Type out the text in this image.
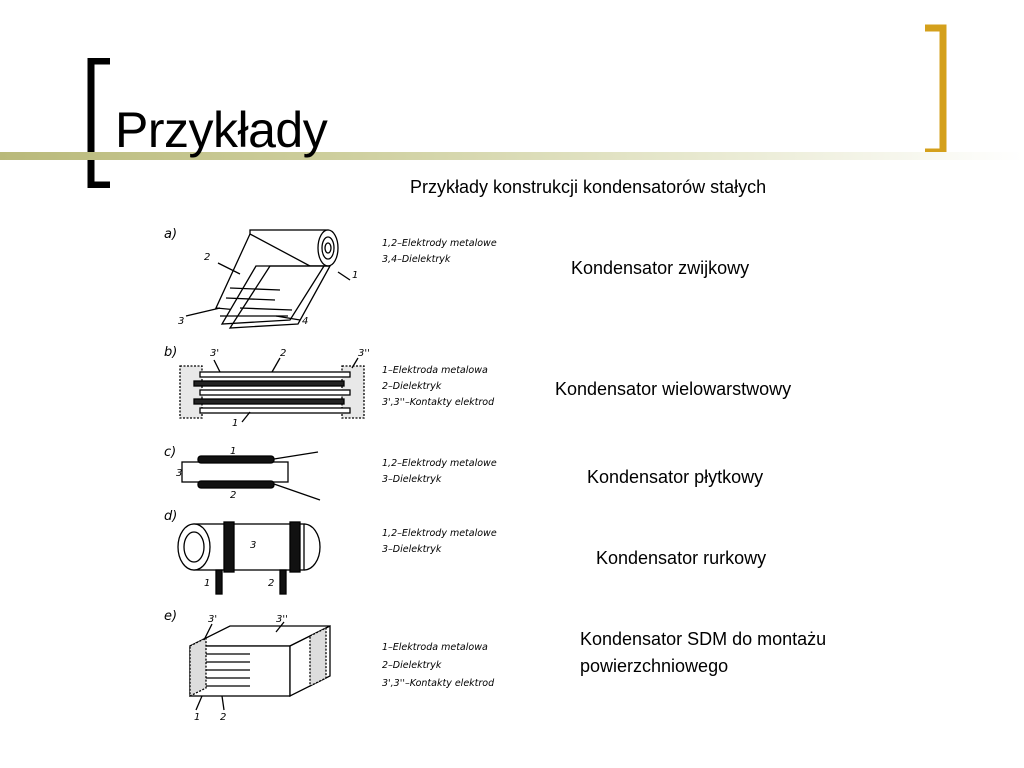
Przykłady
Przykłady konstrukcji kondensatorów stałych
Kondensator zwijkowy
Kondensator wielowarstwowy
Kondensator płytkowy
Kondensator rurkowy
Kondensator SDM do montażu
powierzchniowego
a)
1
2
3	4
b)
1
2
3'	3''
c)	1
2
3
d)
1	2
3
e)
1 2
3'	3''
1,2–Elektrody metalowe
3,4–Dielektryk
1–Elektroda metalowa
2–Dielektryk
3',3''–Kontakty elektrod
1,2–Elektrody metalowe
3–Dielektryk
1,2–Elektrody metalowe
3–Dielektryk
1–Elektroda metalowa
2–Dielektryk
3',3''–Kontakty elektrod
